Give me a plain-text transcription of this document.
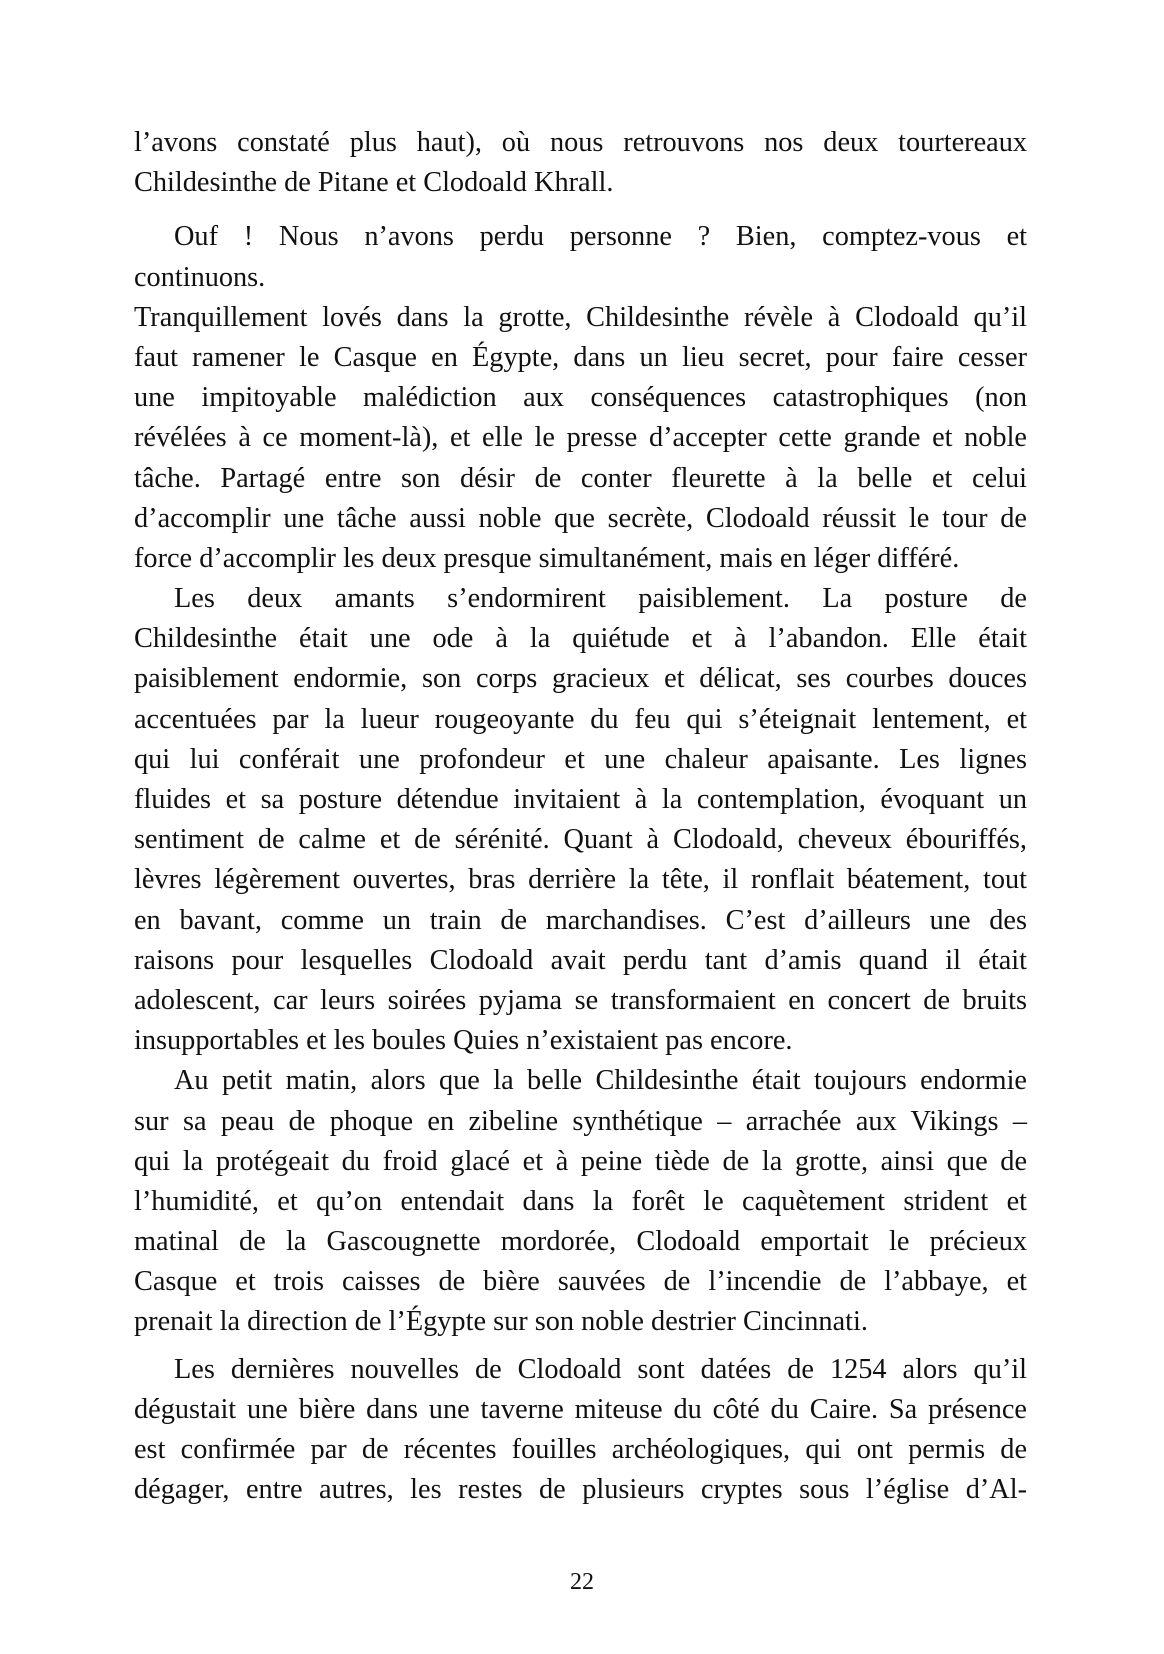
l’avons constaté plus haut), où nous retrouvons nos deux tourtereaux
Childesinthe de Pitane et Clodoald Khrall.
Ouf ! Nous n’avons perdu personne ? Bien, comptez-vous et
continuons.
Tranquillement lovés dans la grotte, Childesinthe révèle à Clodoald qu’il
faut ramener le Casque en Égypte, dans un lieu secret, pour faire cesser
une impitoyable malédiction aux conséquences catastrophiques (non
révélées à ce moment-là), et elle le presse d’accepter cette grande et noble
tâche. Partagé entre son désir de conter fleurette à la belle et celui
d’accomplir une tâche aussi noble que secrète, Clodoald réussit le tour de
force d’accomplir les deux presque simultanément, mais en léger différé.
Les deux amants s’endormirent paisiblement. La posture de
Childesinthe était une ode à la quiétude et à l’abandon. Elle était
paisiblement endormie, son corps gracieux et délicat, ses courbes douces
accentuées par la lueur rougeoyante du feu qui s’éteignait lentement, et
qui lui conférait une profondeur et une chaleur apaisante. Les lignes
fluides et sa posture détendue invitaient à la contemplation, évoquant un
sentiment de calme et de sérénité. Quant à Clodoald, cheveux ébouriffés,
lèvres légèrement ouvertes, bras derrière la tête, il ronflait béatement, tout
en bavant, comme un train de marchandises. C’est d’ailleurs une des
raisons pour lesquelles Clodoald avait perdu tant d’amis quand il était
adolescent, car leurs soirées pyjama se transformaient en concert de bruits
insupportables et les boules Quies n’existaient pas encore.
Au petit matin, alors que la belle Childesinthe était toujours endormie
sur sa peau de phoque en zibeline synthétique – arrachée aux Vikings –
qui la protégeait du froid glacé et à peine tiède de la grotte, ainsi que de
l’humidité, et qu’on entendait dans la forêt le caquètement strident et
matinal de la Gascougnette mordorée, Clodoald emportait le précieux
Casque et trois caisses de bière sauvées de l’incendie de l’abbaye, et
prenait la direction de l’Égypte sur son noble destrier Cincinnati.
Les dernières nouvelles de Clodoald sont datées de 1254 alors qu’il
dégustait une bière dans une taverne miteuse du côté du Caire. Sa présence
est confirmée par de récentes fouilles archéologiques, qui ont permis de
dégager, entre autres, les restes de plusieurs cryptes sous l’église d’Al-
22
